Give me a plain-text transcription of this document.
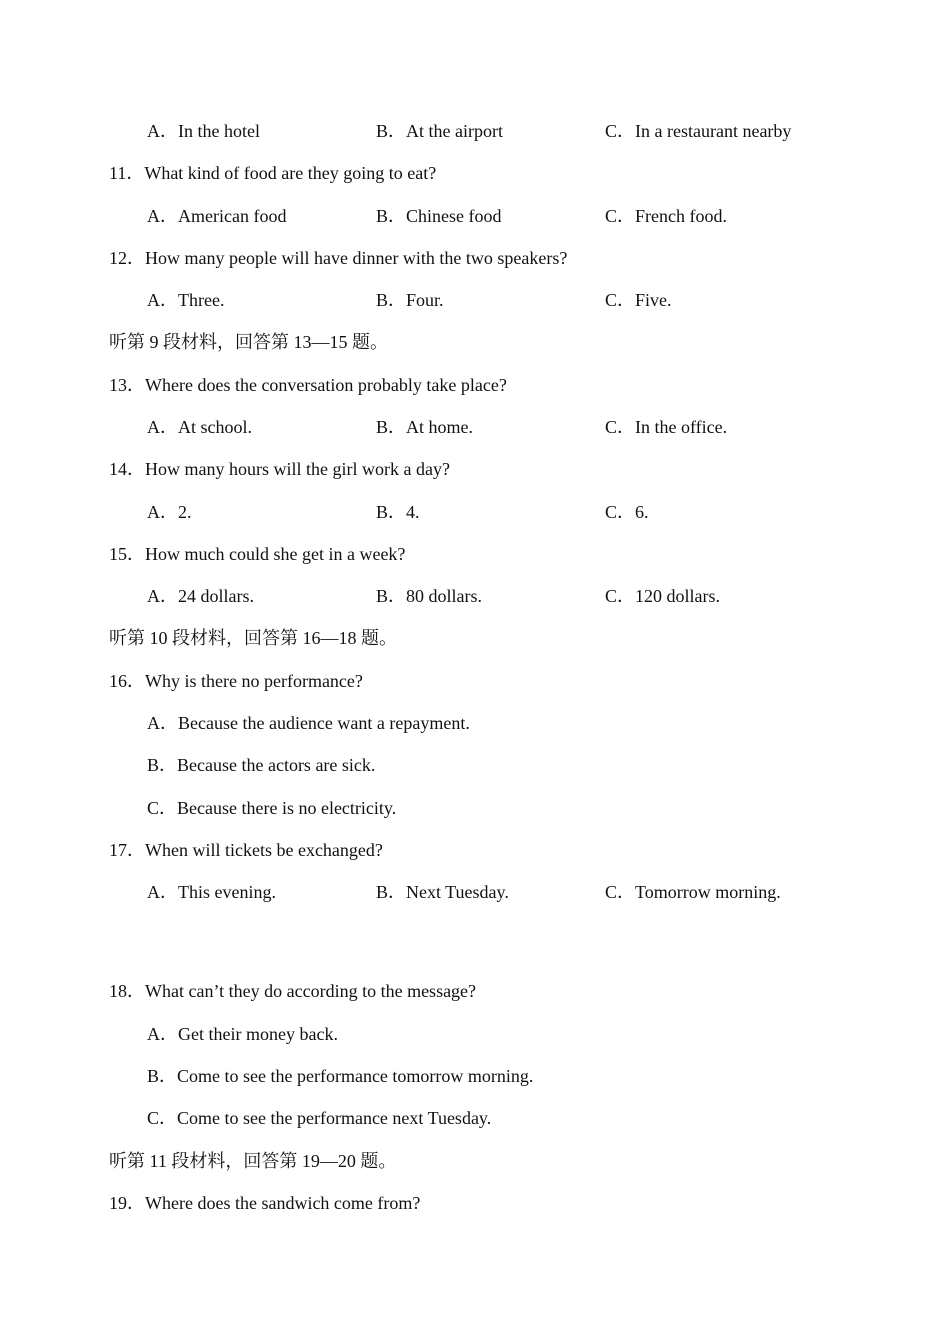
A．In the hotel	B．At the airport	C．In a restaurant nearby
11．What kind of food are they going to eat?
A．American food	B．Chinese food	C．French food.
12．How many people will have dinner with the two speakers?
A．Three.	B．Four.	C．Five.
听第 9 段材料，回答第 13—15 题。
13．Where does the conversation probably take place?
A．At school.	B．At home.	C．In the office.
14．How many hours will the girl work a day?
A．2.	B．4.	C．6.
15．How much could she get in a week?
A．24 dollars.	B．80 dollars.	C．120 dollars.
听第 10 段材料，回答第 16—18 题。
16．Why is there no performance?
A．Because the audience want a repayment.
B．Because the actors are sick.
C．Because there is no electricity.
17．When will tickets be exchanged?
A．This evening.	B．Next Tuesday.	C．Tomorrow morning.
18．What can’t they do according to the message?
A．Get their money back.
B．Come to see the performance tomorrow morning.
C．Come to see the performance next Tuesday.
听第 11 段材料，回答第 19—20 题。
19．Where does the sandwich come from?
